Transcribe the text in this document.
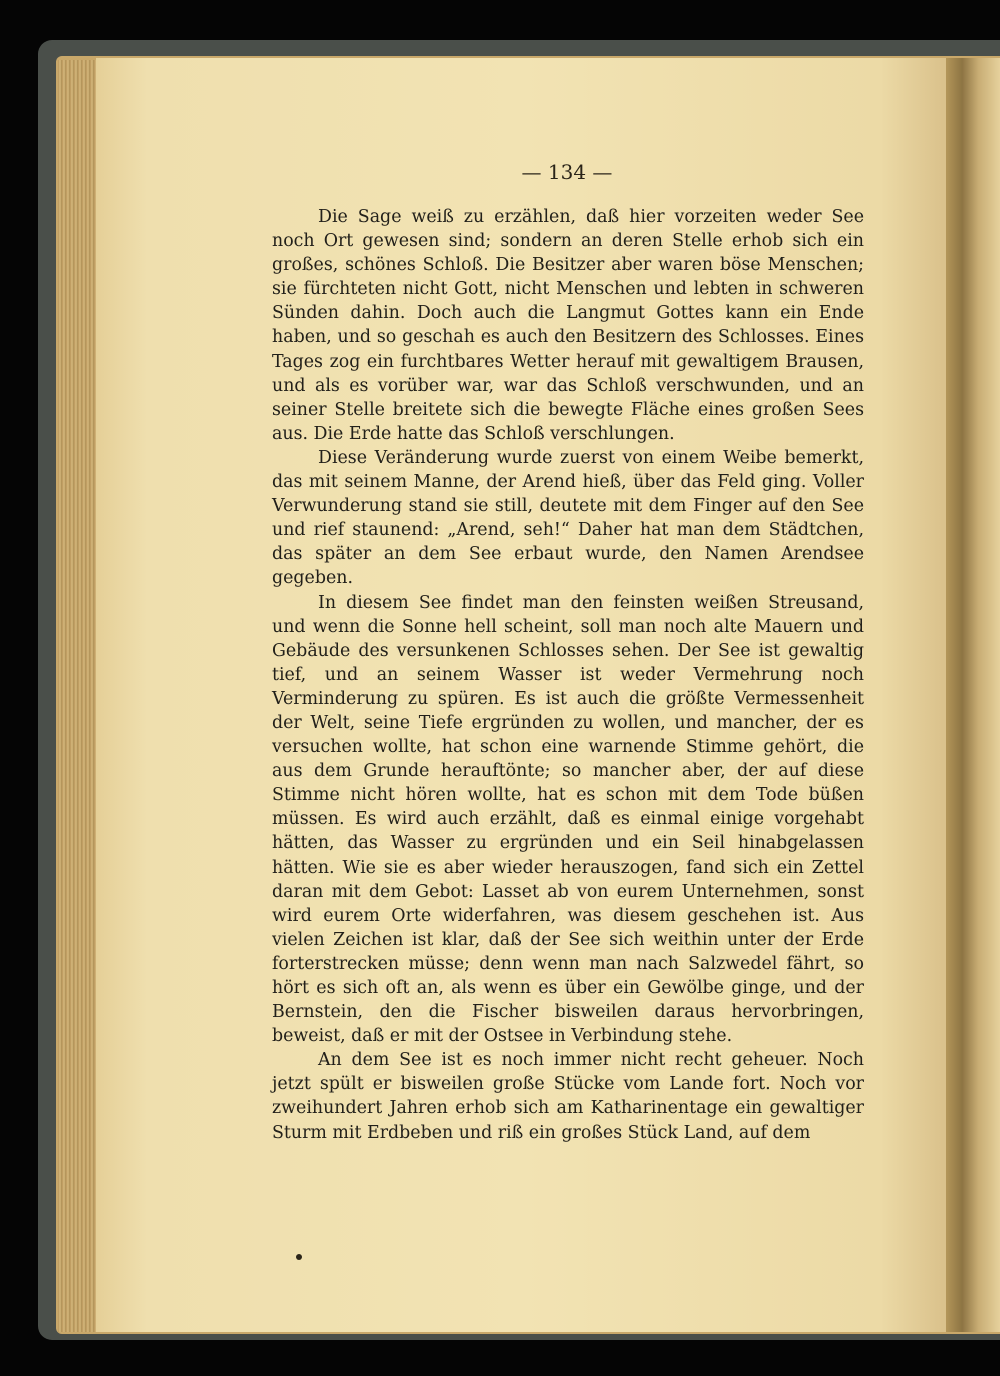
— 134 —

Die Sage weiß zu erzählen, daß hier vorzeiten weder See noch Ort gewesen sind; sondern an deren Stelle erhob sich ein großes, schönes Schloß. Die Besitzer aber waren böse Menschen; sie fürchteten nicht Gott, nicht Menschen und lebten in schweren Sünden dahin. Doch auch die Langmut Gottes kann ein Ende haben, und so geschah es auch den Besitzern des Schlosses. Eines Tages zog ein furchtbares Wetter herauf mit gewaltigem Brausen, und als es vorüber war, war das Schloß verschwunden, und an seiner Stelle breitete sich die bewegte Fläche eines großen Sees aus. Die Erde hatte das Schloß verschlungen.

Diese Veränderung wurde zuerst von einem Weibe bemerkt, das mit seinem Manne, der Arend hieß, über das Feld ging. Voller Verwunderung stand sie still, deutete mit dem Finger auf den See und rief staunend: „Arend, seh!“ Daher hat man dem Städtchen, das später an dem See erbaut wurde, den Namen Arendsee gegeben.

In diesem See findet man den feinsten weißen Streusand, und wenn die Sonne hell scheint, soll man noch alte Mauern und Gebäude des versunkenen Schlosses sehen. Der See ist gewaltig tief, und an seinem Wasser ist weder Vermehrung noch Verminderung zu spüren. Es ist auch die größte Vermessenheit der Welt, seine Tiefe ergründen zu wollen, und mancher, der es versuchen wollte, hat schon eine warnende Stimme gehört, die aus dem Grunde herauftönte; so mancher aber, der auf diese Stimme nicht hören wollte, hat es schon mit dem Tode büßen müssen. Es wird auch erzählt, daß es einmal einige vorgehabt hätten, das Wasser zu ergründen und ein Seil hinabgelassen hätten. Wie sie es aber wieder herauszogen, fand sich ein Zettel daran mit dem Gebot: Lasset ab von eurem Unternehmen, sonst wird eurem Orte widerfahren, was diesem geschehen ist. Aus vielen Zeichen ist klar, daß der See sich weithin unter der Erde forterstrecken müsse; denn wenn man nach Salzwedel fährt, so hört es sich oft an, als wenn es über ein Gewölbe ginge, und der Bernstein, den die Fischer bisweilen daraus hervorbringen, beweist, daß er mit der Ostsee in Verbindung stehe.

An dem See ist es noch immer nicht recht geheuer. Noch jetzt spült er bisweilen große Stücke vom Lande fort. Noch vor zweihundert Jahren erhob sich am Katharinentage ein gewaltiger Sturm mit Erdbeben und riß ein großes Stück Land, auf dem
